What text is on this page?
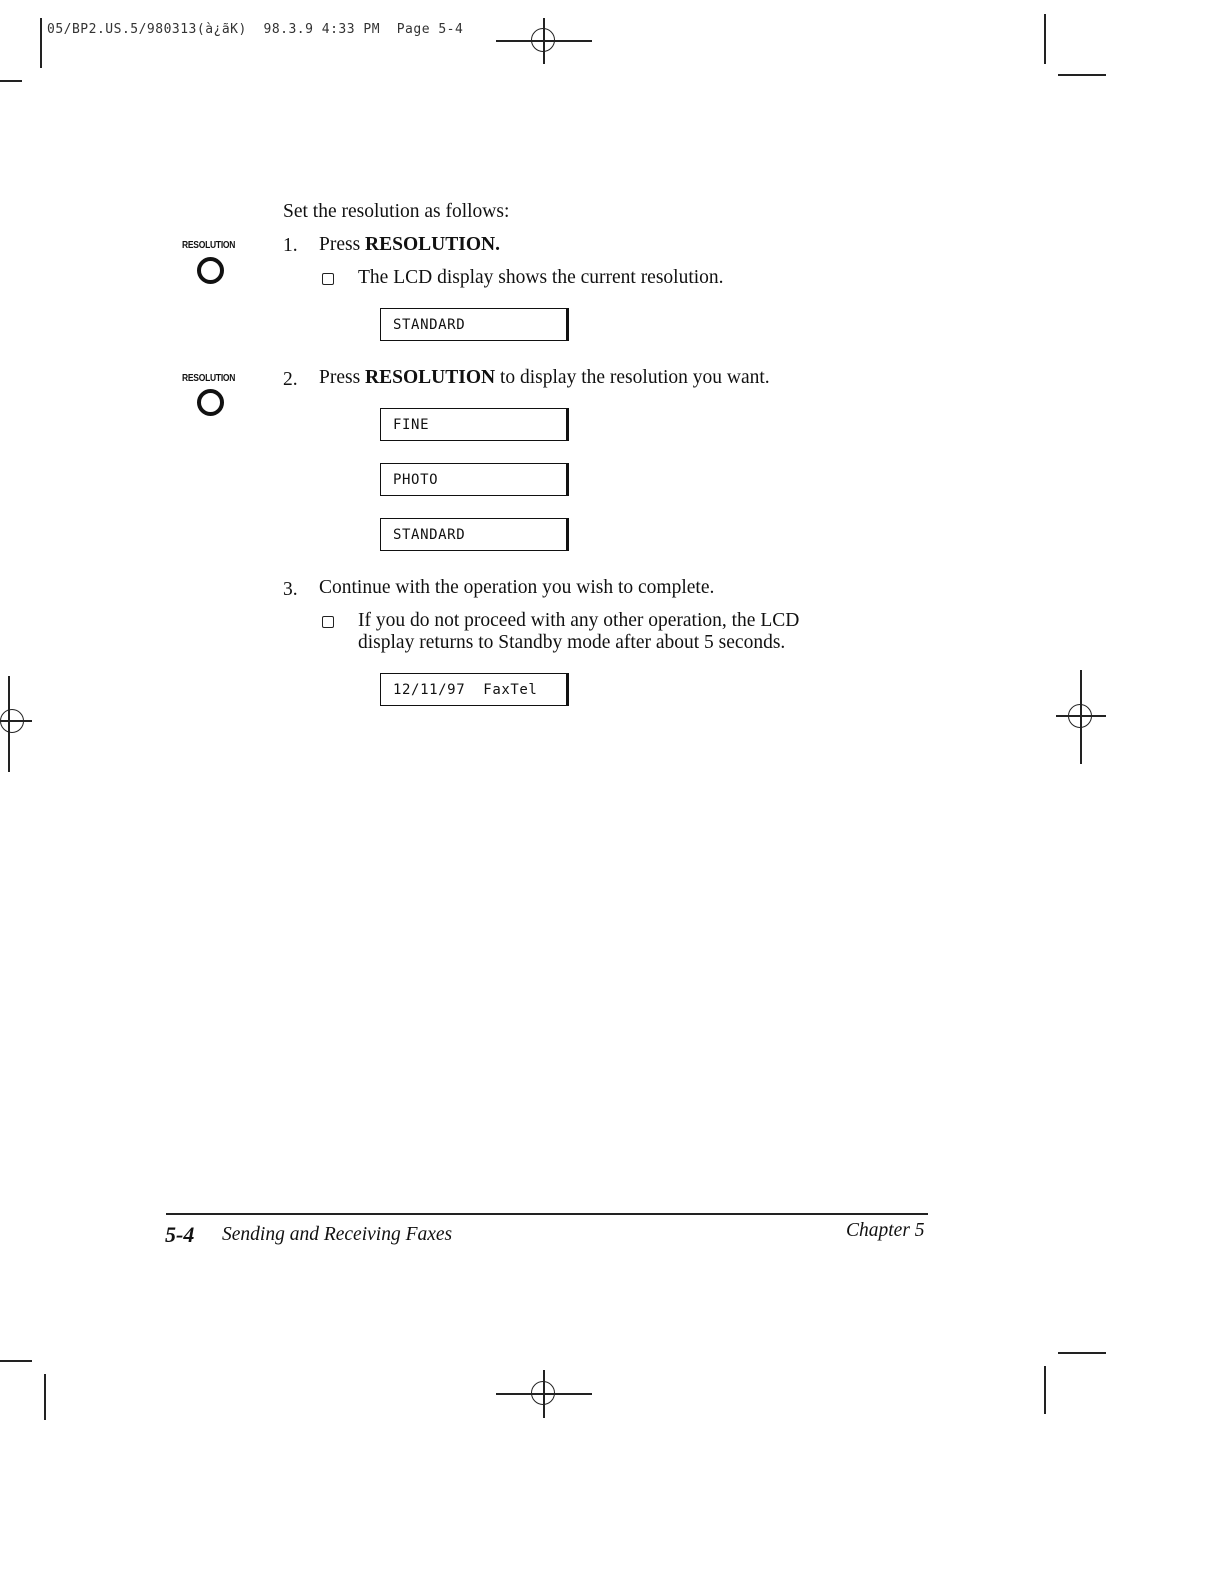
05/BP2.US.5/980313(à¿ãK)  98.3.9 4:33 PM  Page 5-4
Set the resolution as follows:
RESOLUTION 1. Press RESOLUTION.
The LCD display shows the current resolution.
STANDARD
RESOLUTION 2. Press RESOLUTION to display the resolution you want.
FINE
PHOTO
STANDARD
3. Continue with the operation you wish to complete.
If you do not proceed with any other operation, the LCD
display returns to Standby mode after about 5 seconds.
12/11/97  FaxTel
5-4 Sending and Receiving Faxes	Chapter 5
